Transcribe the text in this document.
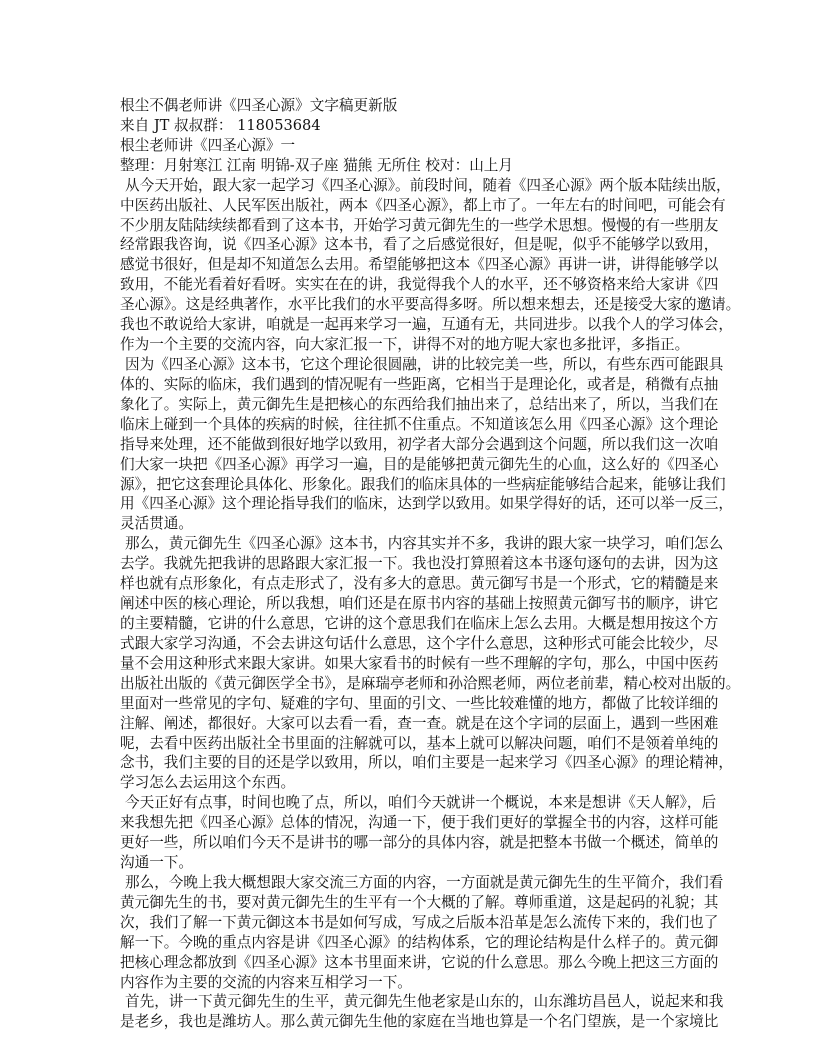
根尘不偶老师讲《四圣心源》文字稿更新版
来自 JT 叔叔群： 118053684
根尘老师讲《四圣心源》一
整理：月射寒江 江南 明锦-双子座 猫熊 无所住 校对：山上月
从今天开始，跟大家一起学习《四圣心源》。前段时间，随着《四圣心源》两个版本陆续出版，
中医药出版社、人民军医出版社，两本《四圣心源》，都上市了。一年左右的时间吧，可能会有
不少朋友陆陆续续都看到了这本书，开始学习黄元御先生的一些学术思想。慢慢的有一些朋友
经常跟我咨询，说《四圣心源》这本书，看了之后感觉很好，但是呢，似乎不能够学以致用，
感觉书很好，但是却不知道怎么去用。希望能够把这本《四圣心源》再讲一讲，讲得能够学以
致用，不能光看着好看呀。实实在在的讲，我觉得我个人的水平，还不够资格来给大家讲《四
圣心源》。这是经典著作，水平比我们的水平要高得多呀。所以想来想去，还是接受大家的邀请。
我也不敢说给大家讲，咱就是一起再来学习一遍，互通有无，共同进步。以我个人的学习体会，
作为一个主要的交流内容，向大家汇报一下，讲得不对的地方呢大家也多批评，多指正。
因为《四圣心源》这本书，它这个理论很圆融，讲的比较完美一些，所以，有些东西可能跟具
体的、实际的临床，我们遇到的情况呢有一些距离，它相当于是理论化，或者是，稍微有点抽
象化了。实际上，黄元御先生是把核心的东西给我们抽出来了，总结出来了，所以，当我们在
临床上碰到一个具体的疾病的时候，往往抓不住重点。不知道该怎么用《四圣心源》这个理论
指导来处理，还不能做到很好地学以致用，初学者大部分会遇到这个问题，所以我们这一次咱
们大家一块把《四圣心源》再学习一遍，目的是能够把黄元御先生的心血，这么好的《四圣心
源》，把它这套理论具体化、形象化。跟我们的临床具体的一些病症能够结合起来，能够让我们
用《四圣心源》这个理论指导我们的临床，达到学以致用。如果学得好的话，还可以举一反三，
灵活贯通。
那么，黄元御先生《四圣心源》这本书，内容其实并不多，我讲的跟大家一块学习，咱们怎么
去学。我就先把我讲的思路跟大家汇报一下。我也没打算照着这本书逐句逐句的去讲，因为这
样也就有点形象化，有点走形式了，没有多大的意思。黄元御写书是一个形式，它的精髓是来
阐述中医的核心理论，所以我想，咱们还是在原书内容的基础上按照黄元御写书的顺序，讲它
的主要精髓，它讲的什么意思，它讲的这个意思我们在临床上怎么去用。大概是想用按这个方
式跟大家学习沟通，不会去讲这句话什么意思，这个字什么意思，这种形式可能会比较少，尽
量不会用这种形式来跟大家讲。如果大家看书的时候有一些不理解的字句，那么，中国中医药
出版社出版的《黄元御医学全书》，是麻瑞亭老师和孙洽熙老师，两位老前辈，精心校对出版的。
里面对一些常见的字句、疑难的字句、里面的引文、一些比较难懂的地方，都做了比较详细的
注解、阐述，都很好。大家可以去看一看，查一查。就是在这个字词的层面上，遇到一些困难
呢，去看中医药出版社全书里面的注解就可以，基本上就可以解决问题，咱们不是领着单纯的
念书，我们主要的目的还是学以致用，所以，咱们主要是一起来学习《四圣心源》的理论精神，
学习怎么去运用这个东西。
今天正好有点事，时间也晚了点，所以，咱们今天就讲一个概说，本来是想讲《天人解》，后
来我想先把《四圣心源》总体的情况，沟通一下，便于我们更好的掌握全书的内容，这样可能
更好一些，所以咱们今天不是讲书的哪一部分的具体内容，就是把整本书做一个概述，简单的
沟通一下。
那么，今晚上我大概想跟大家交流三方面的内容，一方面就是黄元御先生的生平简介，我们看
黄元御先生的书，要对黄元御先生的生平有一个大概的了解。尊师重道，这是起码的礼貌；其
次，我们了解一下黄元御这本书是如何写成，写成之后版本沿革是怎么流传下来的，我们也了
解一下。今晚的重点内容是讲《四圣心源》的结构体系，它的理论结构是什么样子的。黄元御
把核心理念都放到《四圣心源》这本书里面来讲，它说的什么意思。那么今晚上把这三方面的
内容作为主要的交流的内容来互相学习一下。
首先，讲一下黄元御先生的生平，黄元御先生他老家是山东的，山东潍坊昌邑人，说起来和我
是老乡，我也是潍坊人。那么黄元御先生他的家庭在当地也算是一个名门望族，是一个家境比
